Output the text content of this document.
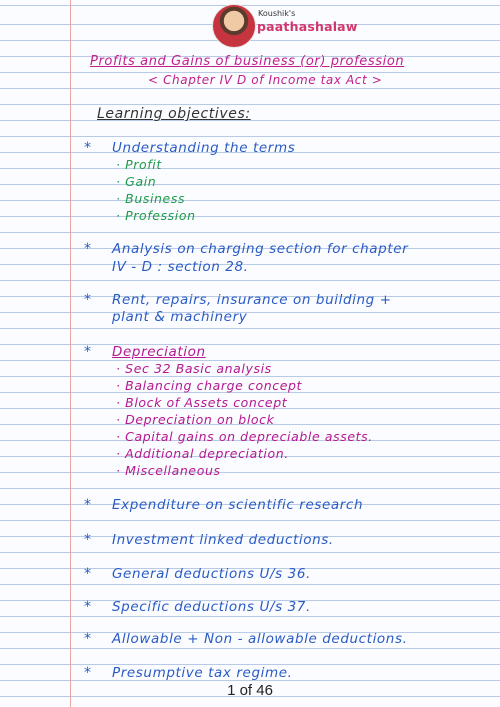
Koushik's
paathashalaw
Profits and Gains of business (or) profession
< Chapter IV D of Income tax Act >
Learning objectives:
* Understanding the terms
· Profit
· Gain
· Business
· Profession
* Analysis on charging section for chapter
IV - D : section 28.
* Rent, repairs, insurance on building +
plant & machinery
* Depreciation
· Sec 32 Basic analysis
· Balancing charge concept
· Block of Assets concept
· Depreciation on block
· Capital gains on depreciable assets.
· Additional depreciation.
· Miscellaneous
* Expenditure on scientific research
* Investment linked deductions.
* General deductions U/s 36.
* Specific deductions U/s 37.
* Allowable + Non - allowable deductions.
* Presumptive tax regime.
1 of 46
